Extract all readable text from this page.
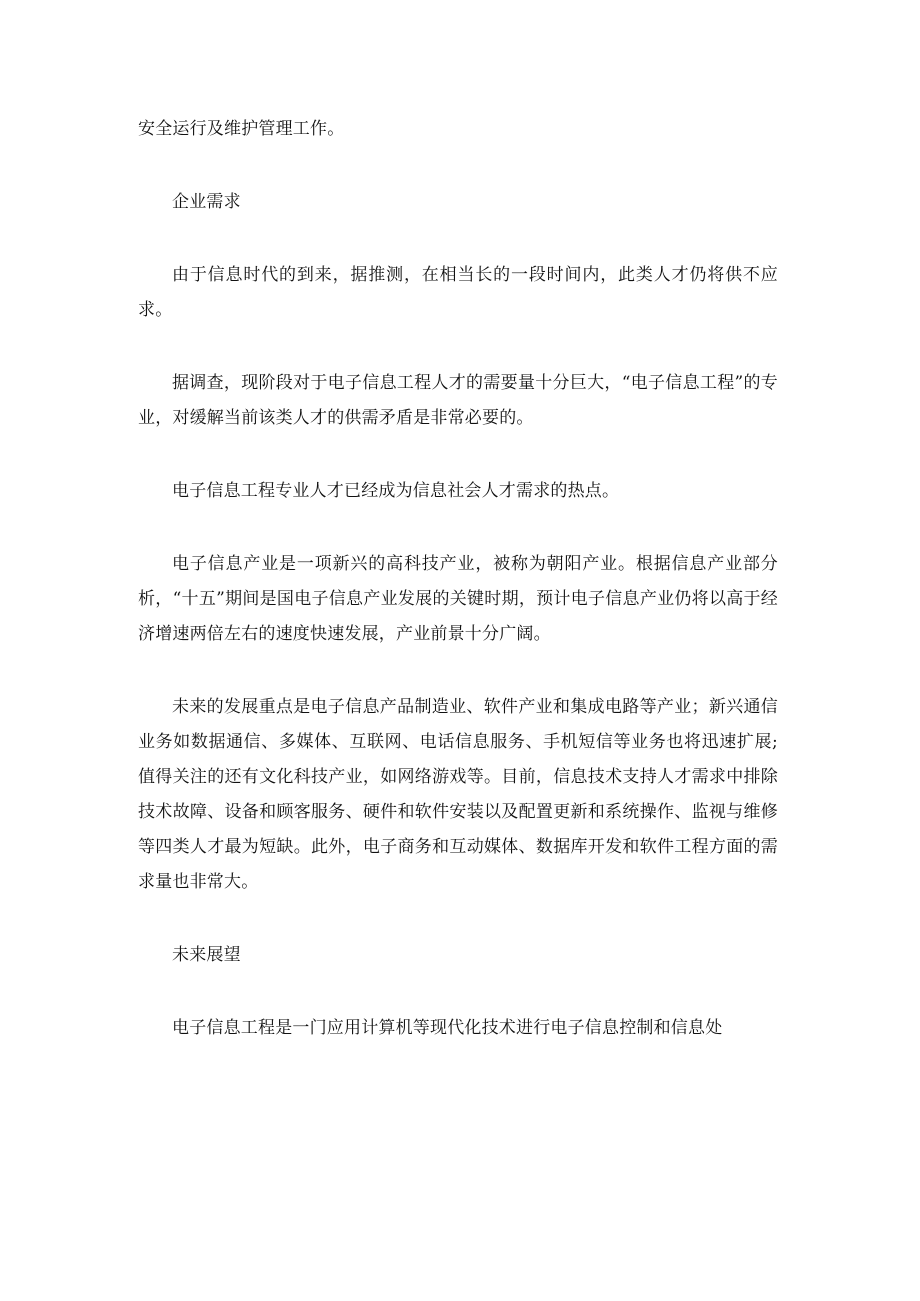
安全运行及维护管理工作。

企业需求

由于信息时代的到来，据推测，在相当长的一段时间内，此类人才仍将供不应求。

据调查，现阶段对于电子信息工程人才的需要量十分巨大，“电子信息工程”的专业，对缓解当前该类人才的供需矛盾是非常必要的。

电子信息工程专业人才已经成为信息社会人才需求的热点。

电子信息产业是一项新兴的高科技产业，被称为朝阳产业。根据信息产业部分析，“十五”期间是国电子信息产业发展的关键时期，预计电子信息产业仍将以高于经济增速两倍左右的速度快速发展，产业前景十分广阔。

未来的发展重点是电子信息产品制造业、软件产业和集成电路等产业；新兴通信业务如数据通信、多媒体、互联网、电话信息服务、手机短信等业务也将迅速扩展;值得关注的还有文化科技产业，如网络游戏等。目前，信息技术支持人才需求中排除技术故障、设备和顾客服务、硬件和软件安装以及配置更新和系统操作、监视与维修等四类人才最为短缺。此外，电子商务和互动媒体、数据库开发和软件工程方面的需求量也非常大。

未来展望

电子信息工程是一门应用计算机等现代化技术进行电子信息控制和信息处
